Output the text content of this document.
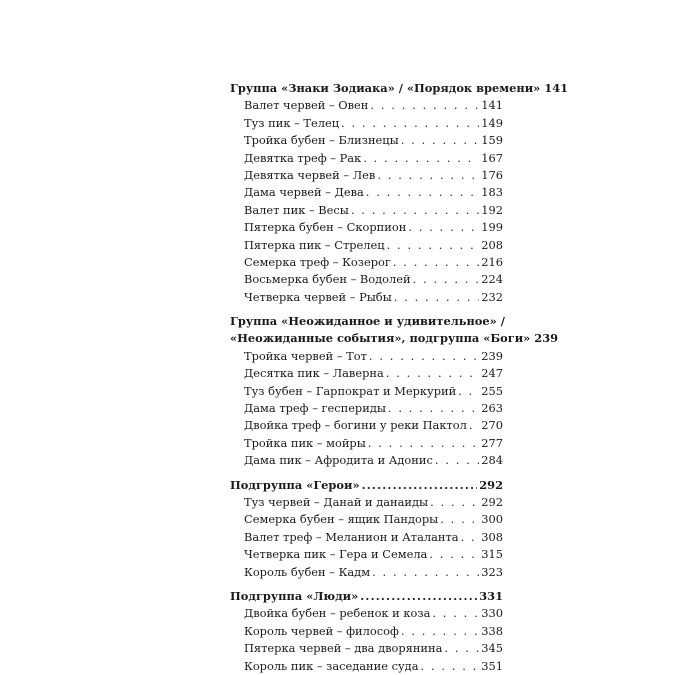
Группа «Знаки Зодиака» / «Порядок времени» 141
Валет червей – Овен . . .	141
Туз пик – Телец . . .	149
Тройка бубен – Близнецы . . .	159
Девятка треф – Рак . . .	167
Девятка червей – Лев . . .	176
Дама червей – Дева . . .	183
Валет пик – Весы . . .	192
Пятерка бубен – Скорпион . . .	199
Пятерка пик – Стрелец . . .	208
Семерка треф – Козерог . . .	216
Восьмерка бубен – Водолей . . .	224
Четверка червей – Рыбы . . .	232
Группа «Неожиданное и удивительное» /
«Неожиданные события», подгруппа «Боги» 239
Тройка червей – Тот . . .	239
Десятка пик – Лаверна . . .	247
Туз бубен – Гарпократ и Меркурий . . . 255
Дама треф – геспериды . . .	263
Двойка треф – богини у реки Пактол . . . 270
Тройка пик – мойры . . .	277
Дама пик – Афродита и Адонис . . .	284
Подгруппа «Герои» .....	292
Туз червей – Данай и данаиды . . .	292
Семерка бубен – ящик Пандоры . . .	300
Валет треф – Меланион и Аталанта . . . 308
Четверка пик – Гера и Семела . . .	315
Король бубен – Кадм . . .	323
Подгруппа «Люди» .....	331
Двойка бубен – ребенок и коза . . .	330
Король червей – философ . . .	338
Пятерка червей – два дворянина . . .	345
Король пик – заседание суда . . .	351
